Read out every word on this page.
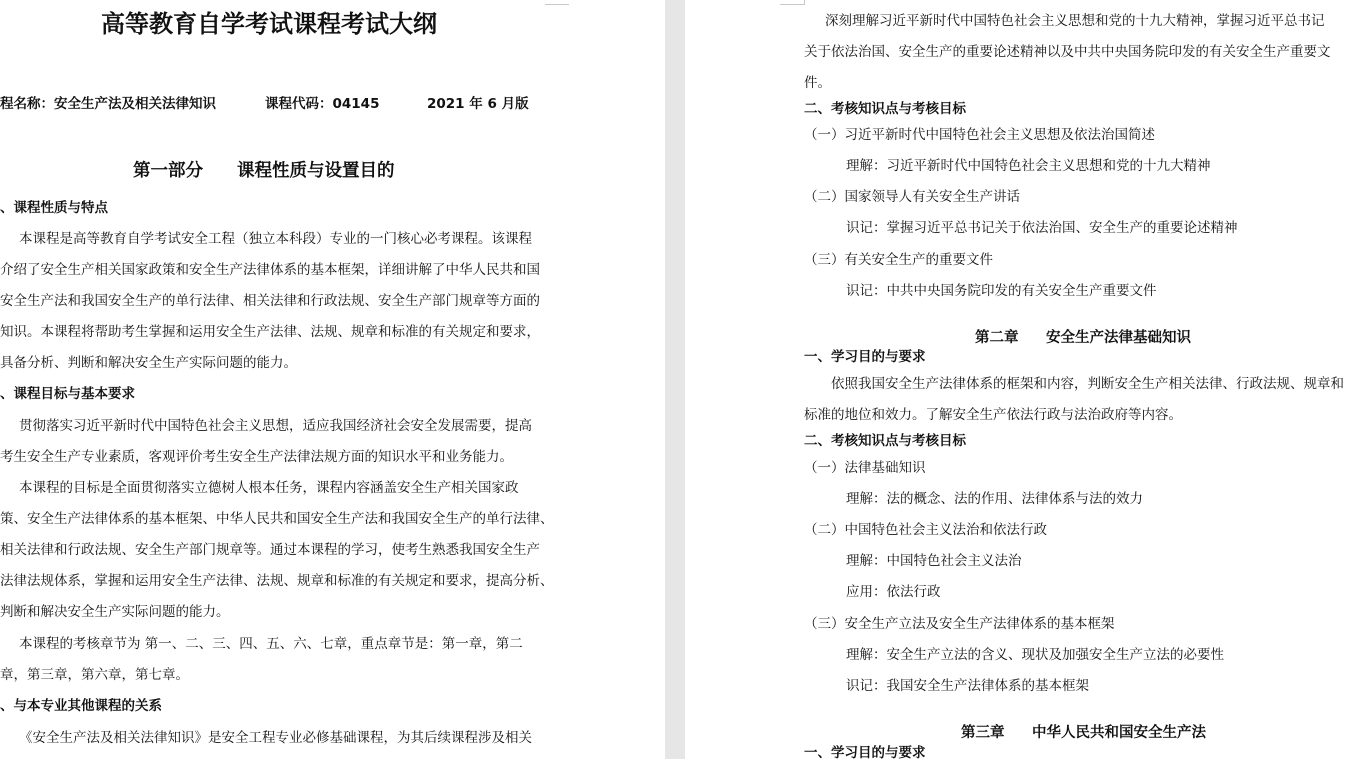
高等教育自学考试课程考试大纲
程名称：安全生产法及相关法律知识	课程代码：04145	2021 年 6 月版
第一部分 课程性质与设置目的
、课程性质与特点
本课程是高等教育自学考试安全工程（独立本科段）专业的一门核心必考课程。该课程
介绍了安全生产相关国家政策和安全生产法律体系的基本框架，详细讲解了中华人民共和国
安全生产法和我国安全生产的单行法律、相关法律和行政法规、安全生产部门规章等方面的
知识。本课程将帮助考生掌握和运用安全生产法律、法规、规章和标准的有关规定和要求，
具备分析、判断和解决安全生产实际问题的能力。
、课程目标与基本要求
贯彻落实习近平新时代中国特色社会主义思想，适应我国经济社会安全发展需要，提高
考生安全生产专业素质，客观评价考生安全生产法律法规方面的知识水平和业务能力。
本课程的目标是全面贯彻落实立德树人根本任务，课程内容涵盖安全生产相关国家政
策、安全生产法律体系的基本框架、中华人民共和国安全生产法和我国安全生产的单行法律、
相关法律和行政法规、安全生产部门规章等。通过本课程的学习，使考生熟悉我国安全生产
法律法规体系，掌握和运用安全生产法律、法规、规章和标准的有关规定和要求，提高分析、
判断和解决安全生产实际问题的能力。
本课程的考核章节为 第一、二、三、四、五、六、七章，重点章节是：第一章，第二
章，第三章，第六章，第七章。
、与本专业其他课程的关系
《安全生产法及相关法律知识》是安全工程专业必修基础课程，为其后续课程涉及相关
深刻理解习近平新时代中国特色社会主义思想和党的十九大精神，掌握习近平总书记
关于依法治国、安全生产的重要论述精神以及中共中央国务院印发的有关安全生产重要文
件。
二、考核知识点与考核目标
（一）习近平新时代中国特色社会主义思想及依法治国简述
理解：习近平新时代中国特色社会主义思想和党的十九大精神
（二）国家领导人有关安全生产讲话
识记：掌握习近平总书记关于依法治国、安全生产的重要论述精神
（三）有关安全生产的重要文件
识记：中共中央国务院印发的有关安全生产重要文件
第二章 安全生产法律基础知识
一、学习目的与要求
依照我国安全生产法律体系的框架和内容，判断安全生产相关法律、行政法规、规章和
标准的地位和效力。了解安全生产依法行政与法治政府等内容。
二、考核知识点与考核目标
（一）法律基础知识
理解：法的概念、法的作用、法律体系与法的效力
（二）中国特色社会主义法治和依法行政
理解：中国特色社会主义法治
应用：依法行政
（三）安全生产立法及安全生产法律体系的基本框架
理解：安全生产立法的含义、现状及加强安全生产立法的必要性
识记：我国安全生产法律体系的基本框架
第三章 中华人民共和国安全生产法
一、学习目的与要求
